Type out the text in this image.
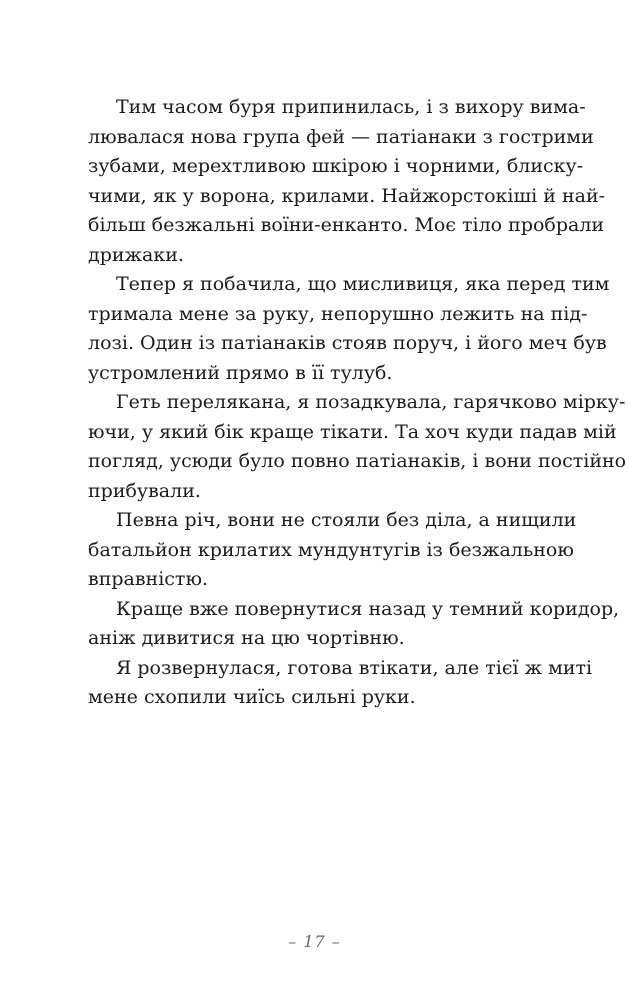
Тим часом буря припинилась, і з вихору вима-
лювалася нова група фей — патіанаки з гострими
зубами, мерехтливою шкірою і чорними, блиску-
чими, як у ворона, крилами. Найжорстокіші й най-
більш безжальні воїни-енканто. Моє тіло пробрали
дрижаки.

Тепер я побачила, що мисливиця, яка перед тим
тримала мене за руку, непорушно лежить на під-
лозі. Один із патіанаків стояв поруч, і його меч був
устромлений прямо в її тулуб.

Геть перелякана, я позадкувала, гарячково мірку-
ючи, у який бік краще тікати. Та хоч куди падав мій
погляд, усюди було повно патіанаків, і вони постійно
прибували.

Певна річ, вони не стояли без діла, а нищили
батальйон крилатих мундунтугів із безжальною
вправністю.

Краще вже повернутися назад у темний коридор,
аніж дивитися на цю чортівню.

Я розвернулася, готова втікати, але тієї ж миті
мене схопили чиїсь сильні руки.

– 17 –
